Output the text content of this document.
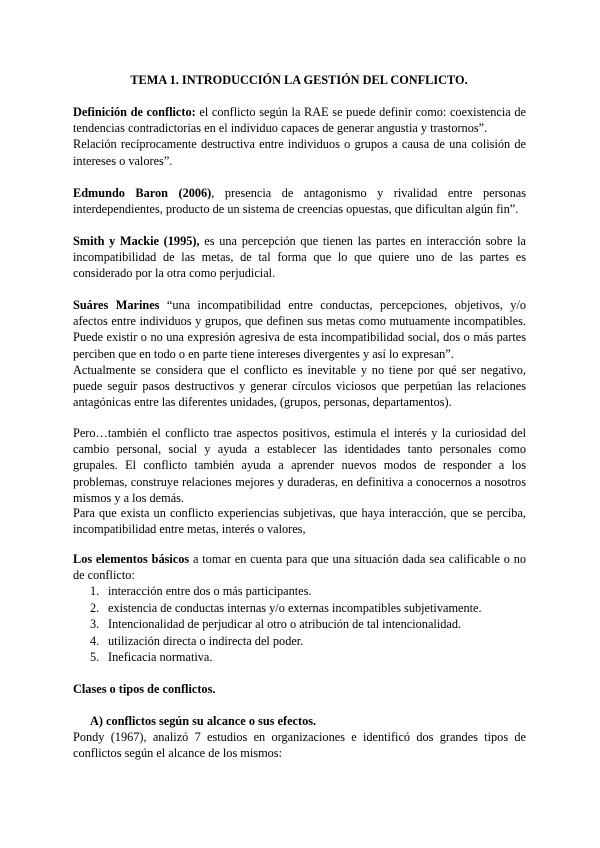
TEMA 1. INTRODUCCIÓN LA GESTIÓN DEL CONFLICTO.

Definición de conflicto: el conflicto según la RAE se puede definir como: coexistencia de tendencias contradictorias en el individuo capaces de generar angustia y trastornos”.

Relación recíprocamente destructiva entre individuos o grupos a causa de una colisión de intereses o valores”.

Edmundo Baron (2006), presencia de antagonismo y rivalidad entre personas interdependientes, producto de un sistema de creencias opuestas, que dificultan algún fin”.

Smith y Mackie (1995), es una percepción que tienen las partes en interacción sobre la incompatibilidad de las metas, de tal forma que lo que quiere uno de las partes es considerado por la otra como perjudicial.

Suáres Marines “una incompatibilidad entre conductas, percepciones, objetivos, y/o afectos entre individuos y grupos, que definen sus metas como mutuamente incompatibles. Puede existir o no una expresión agresiva de esta incompatibilidad social, dos o más partes perciben que en todo o en parte tiene intereses divergentes y así lo expresan”.

Actualmente se considera que el conflicto es inevitable y no tiene por qué ser negativo, puede seguir pasos destructivos y generar círculos viciosos que perpetúan las relaciones antagónicas entre las diferentes unidades, (grupos, personas, departamentos).

Pero…también el conflicto trae aspectos positivos, estimula el interés y la curiosidad del cambio personal, social y ayuda a establecer las identidades tanto personales como grupales. El conflicto también ayuda a aprender nuevos modos de responder a los problemas, construye relaciones mejores y duraderas, en definitiva a conocernos a nosotros mismos y a los demás.

Para que exista un conflicto experiencias subjetivas, que haya interacción, que se perciba, incompatibilidad entre metas, interés o valores,

Los elementos básicos a tomar en cuenta para que una situación dada sea calificable o no de conflicto:

1. interacción entre dos o más participantes.
2. existencia de conductas internas y/o externas incompatibles subjetivamente.
3. Intencionalidad de perjudicar al otro o atribución de tal intencionalidad.
4. utilización directa o indirecta del poder.
5. Ineficacia normativa.
Clases o tipos de conflictos.
A) conflictos según su alcance o sus efectos.

Pondy (1967), analizó 7 estudios en organizaciones e identificó dos grandes tipos de conflictos según el alcance de los mismos:
